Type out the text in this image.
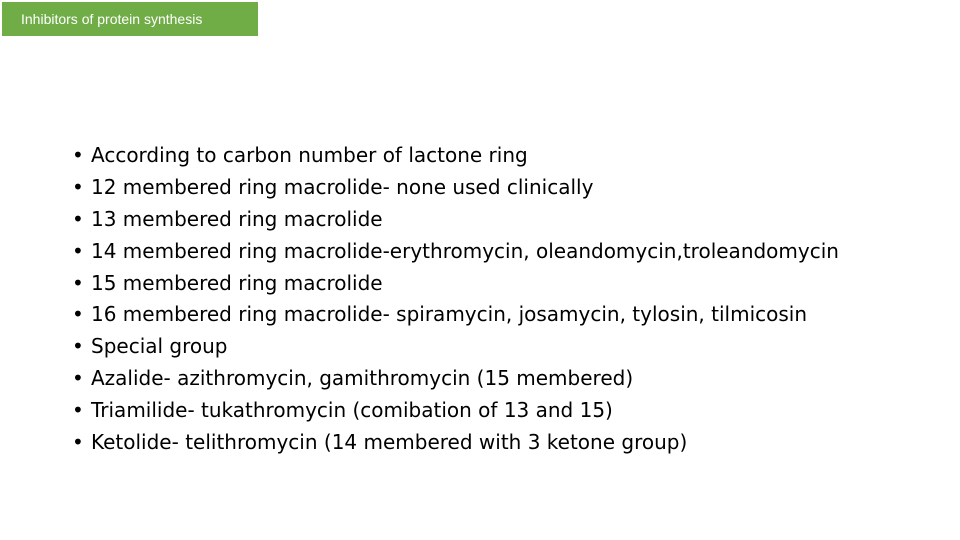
Inhibitors of protein synthesis
• According to carbon number of lactone ring
• 12 membered ring macrolide- none used clinically
• 13 membered ring macrolide
• 14 membered ring macrolide-erythromycin, oleandomycin,troleandomycin
• 15 membered ring macrolide
• 16 membered ring macrolide- spiramycin, josamycin, tylosin, tilmicosin
• Special group
• Azalide- azithromycin, gamithromycin (15 membered)
• Triamilide- tukathromycin (comibation of 13 and 15)
• Ketolide- telithromycin (14 membered with 3 ketone group)
